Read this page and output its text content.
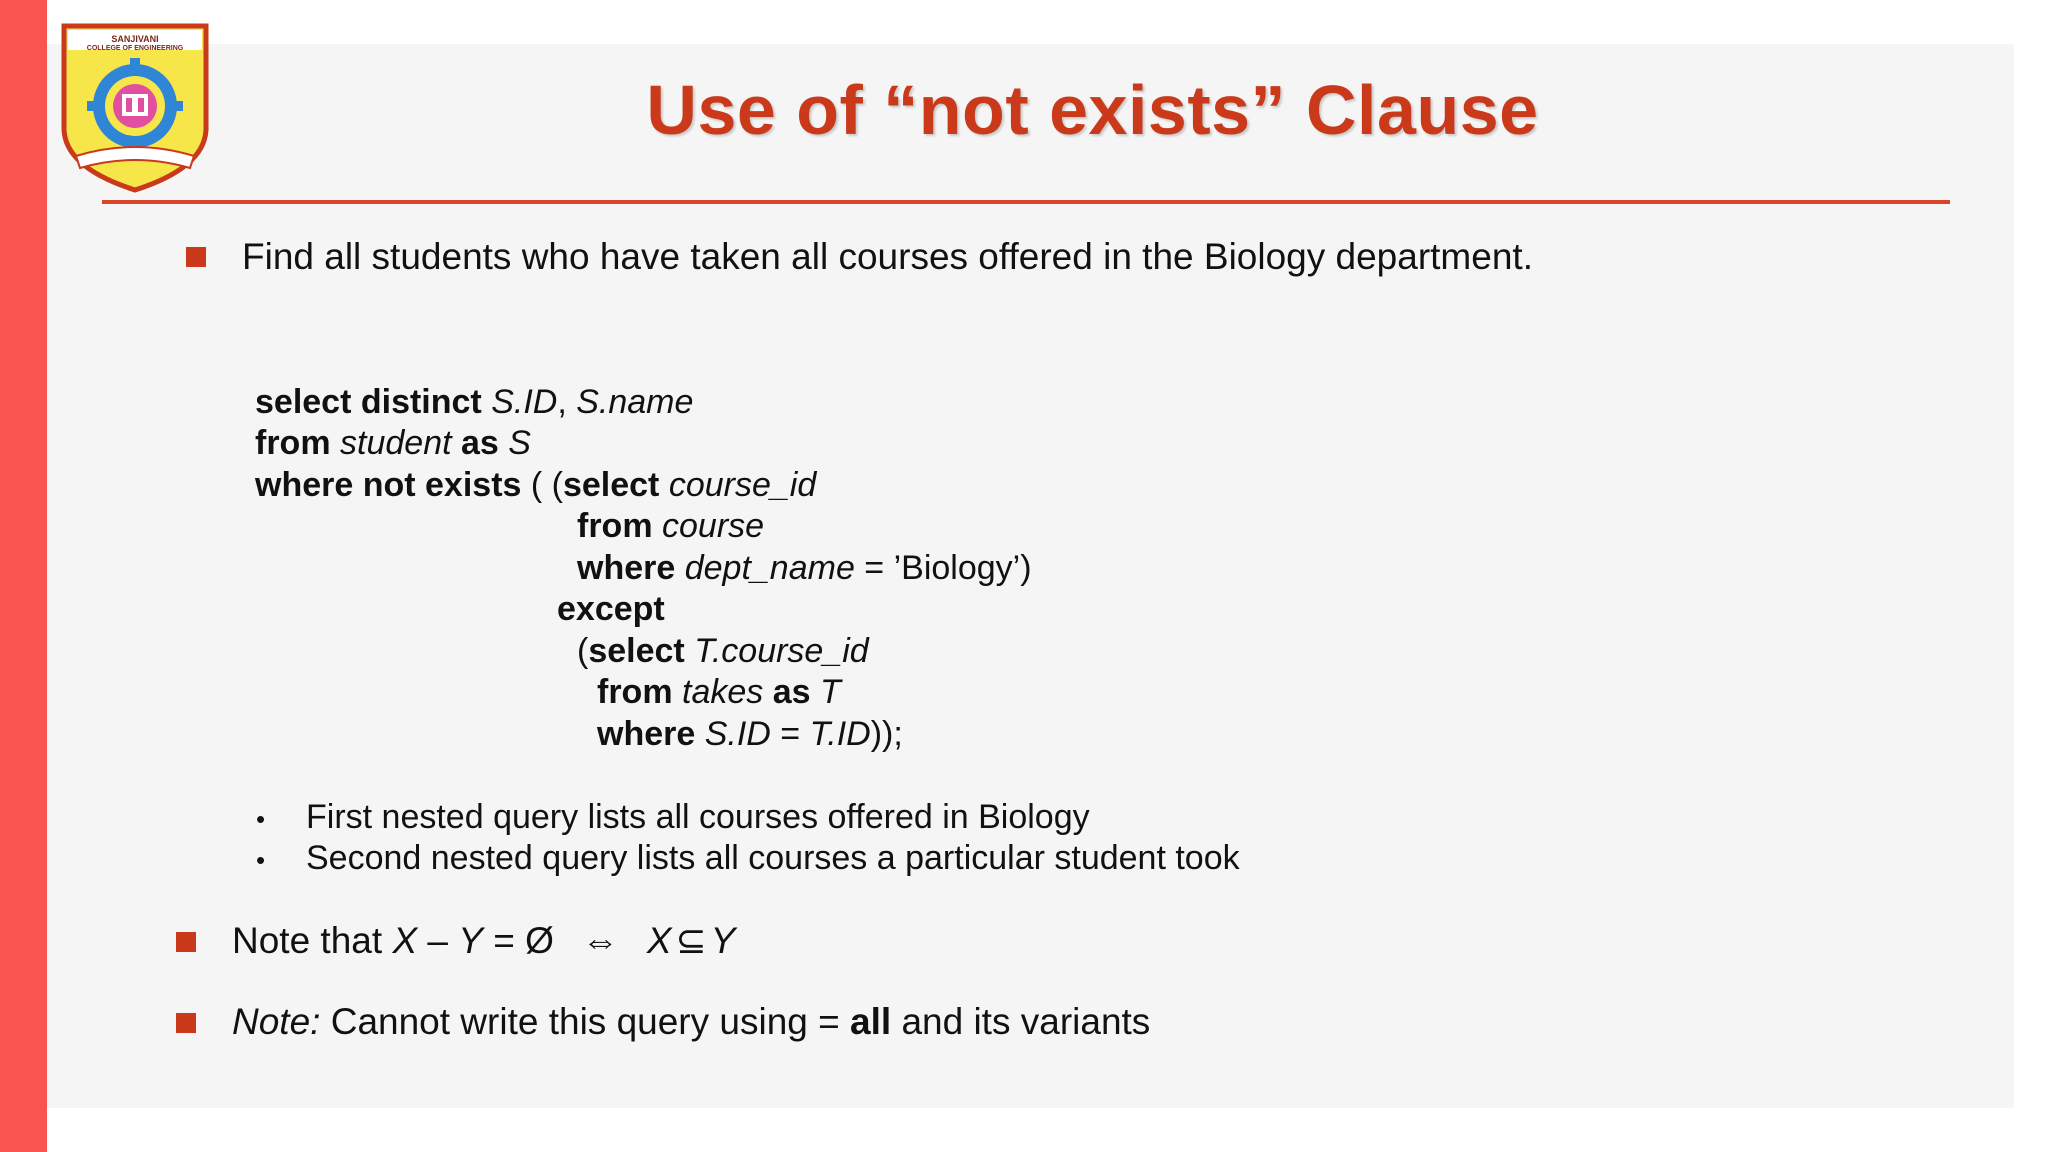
SANJIVANI
COLLEGE OF ENGINEERING
Use of “not exists” Clause
Find all students who have taken all courses offered in the Biology department.
select distinct S.ID, S.name
from student as S
where not exists ( (select course_id
from course
where dept_name = ’Biology’)
except
(select T.course_id
from takes as T
where S.ID = T.ID));
• First nested query lists all courses offered in Biology
• Second nested query lists all courses a particular student took
Note that X – Y = Ø ⇔ X ⊆ Y
Note: Cannot write this query using = all and its variants
